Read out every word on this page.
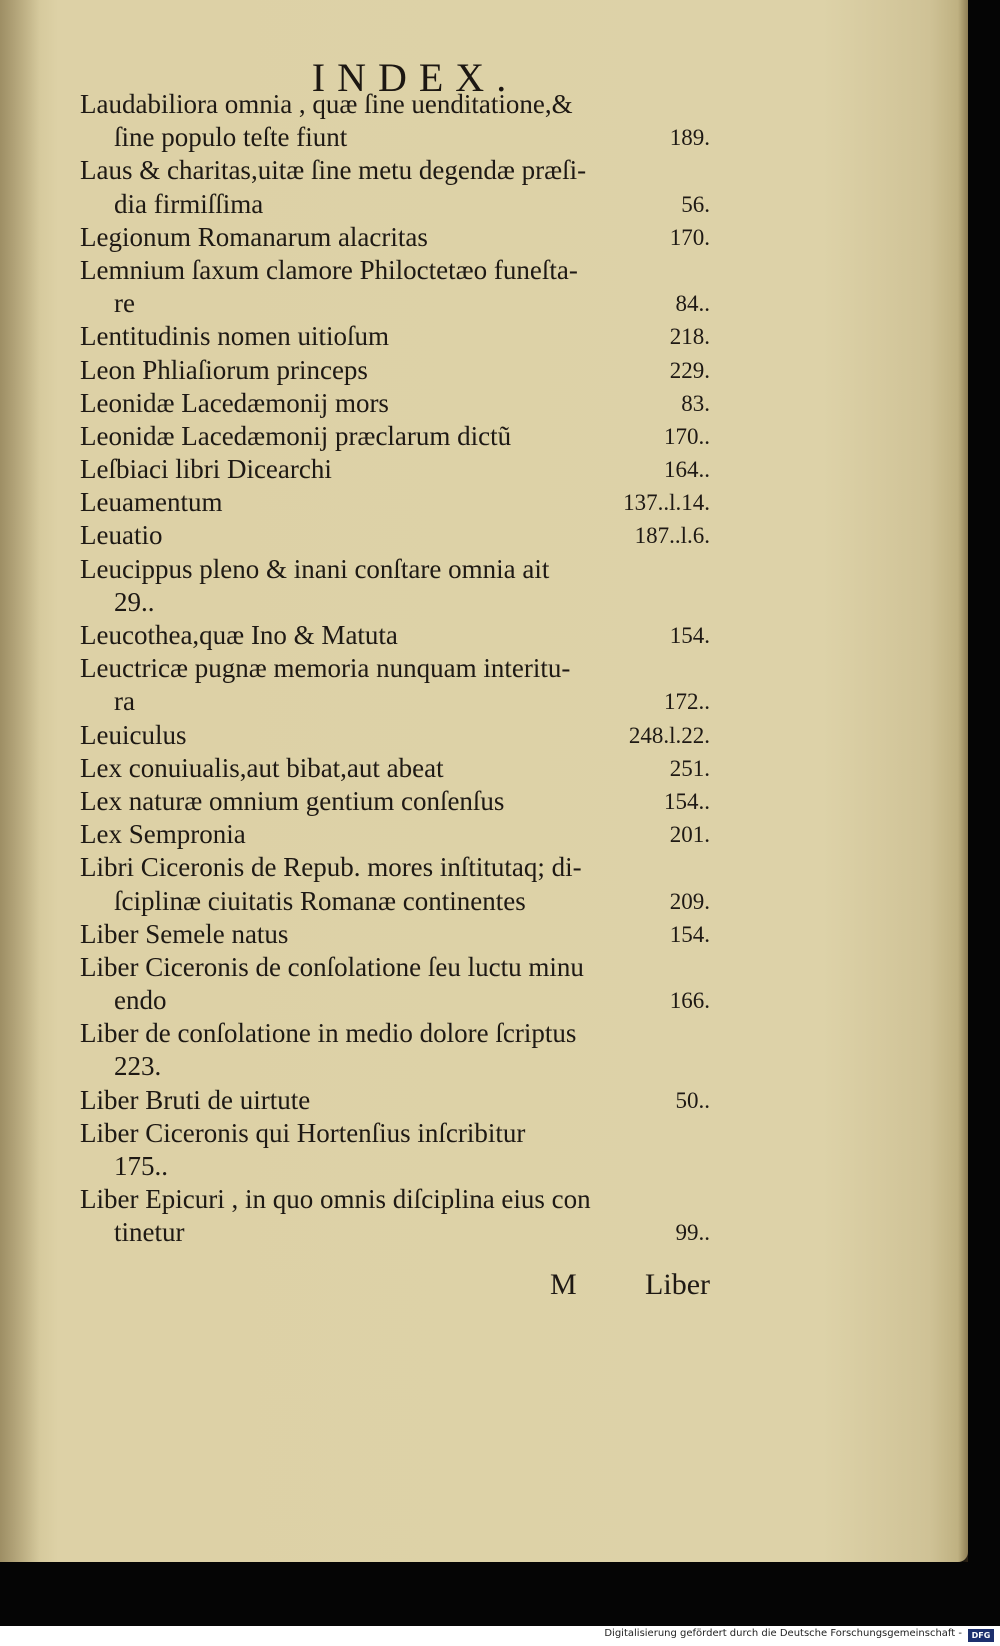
INDEX.
Laudabiliora omnia , quæ ſine uenditatione,&
ſine populo teſte fiunt	189.
Laus & charitas,uitæ ſine metu degendæ præſi-
dia firmiſſima	56.
Legionum Romanarum alacritas	170.
Lemnium ſaxum clamore Philoctetæo funeſta-
re	84..
Lentitudinis nomen uitioſum	218.
Leon Phliaſiorum princeps	229.
Leonidæ Lacedæmonij mors	83.
Leonidæ Lacedæmonij præclarum dictũ	170..
Leſbiaci libri Dicearchi	164..
Leuamentum	137..l.14.
Leuatio	187..l.6.
Leucippus pleno & inani conſtare omnia ait
29..
Leucothea,quæ Ino & Matuta	154.
Leuctricæ pugnæ memoria nunquam interitu-
ra	172..
Leuiculus	248.l.22.
Lex conuiualis,aut bibat,aut abeat	251.
Lex naturæ omnium gentium conſenſus	154..
Lex Sempronia	201.
Libri Ciceronis de Repub. mores inſtitutaq; di-
ſciplinæ ciuitatis Romanæ continentes	209.
Liber Semele natus	154.
Liber Ciceronis de conſolatione ſeu luctu minu
endo	166.
Liber de conſolatione in medio dolore ſcriptus
223.
Liber Bruti de uirtute	50..
Liber Ciceronis qui Hortenſius inſcribitur
175..
Liber Epicuri , in quo omnis diſciplina eius con
tinetur	99..
M Liber
Digitalisierung gefördert durch die Deutsche Forschungsgemeinschaft -	DFG
